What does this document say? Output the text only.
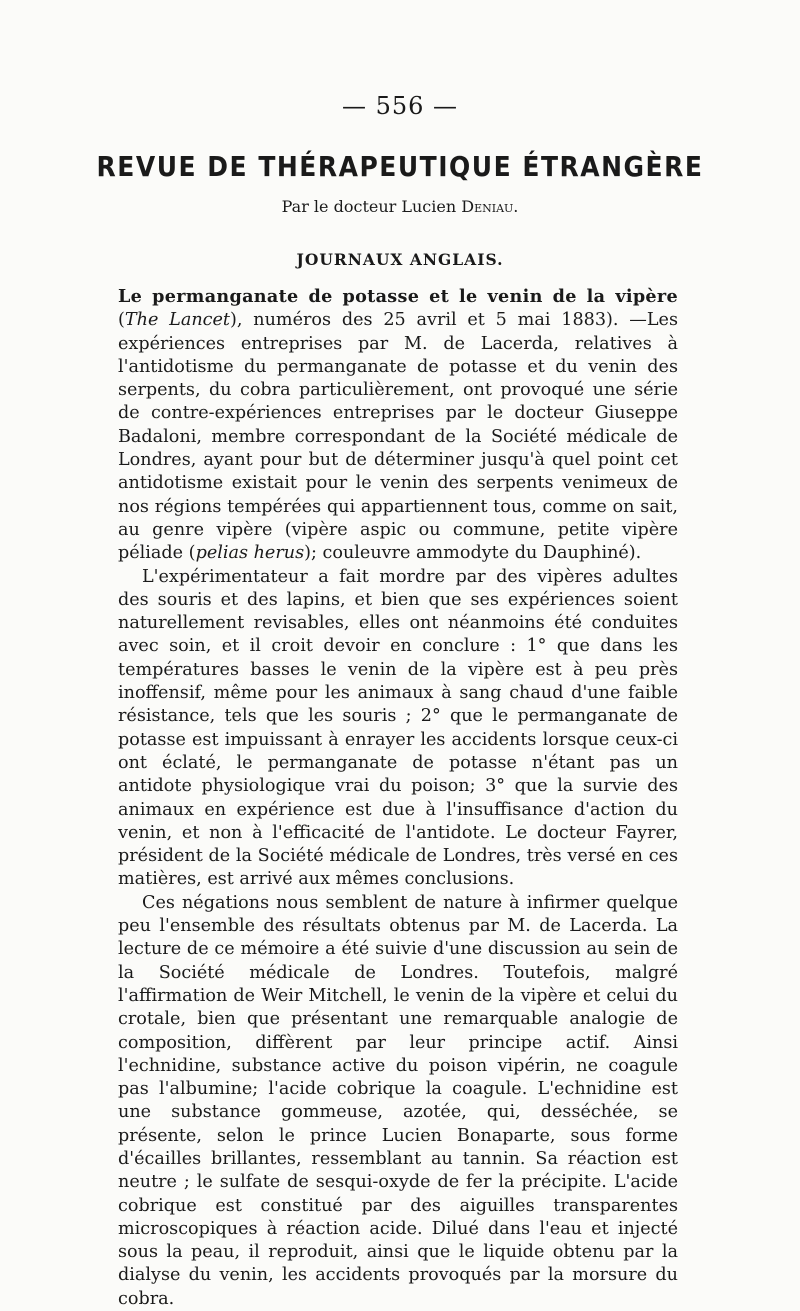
— 556 —
REVUE DE THÉRAPEUTIQUE ÉTRANGÈRE
Par le docteur Lucien Deniau.
JOURNAUX ANGLAIS.

Le permanganate de potasse et le venin de la vipère (The Lancet), numéros des 25 avril et 5 mai 1883). —Les expériences entreprises par M. de Lacerda, relatives à l'antidotisme du permanganate de potasse et du venin des serpents, du cobra particulièrement, ont provoqué une série de contre-expériences entreprises par le docteur Giuseppe Badaloni, membre correspondant de la Société médicale de Londres, ayant pour but de déterminer jusqu'à quel point cet antidotisme existait pour le venin des serpents venimeux de nos régions tempérées qui appartiennent tous, comme on sait, au genre vipère (vipère aspic ou commune, petite vipère péliade (pelias herus); couleuvre ammodyte du Dauphiné).

L'expérimentateur a fait mordre par des vipères adultes des souris et des lapins, et bien que ses expériences soient naturellement revisables, elles ont néanmoins été conduites avec soin, et il croit devoir en conclure : 1° que dans les températures basses le venin de la vipère est à peu près inoffensif, même pour les animaux à sang chaud d'une faible résistance, tels que les souris ; 2° que le permanganate de potasse est impuissant à enrayer les accidents lorsque ceux-ci ont éclaté, le permanganate de potasse n'étant pas un antidote physiologique vrai du poison; 3° que la survie des animaux en expérience est due à l'insuffisance d'action du venin, et non à l'efficacité de l'antidote. Le docteur Fayrer, président de la Société médicale de Londres, très versé en ces matières, est arrivé aux mêmes conclusions.

Ces négations nous semblent de nature à infirmer quelque peu l'ensemble des résultats obtenus par M. de Lacerda. La lecture de ce mémoire a été suivie d'une discussion au sein de la Société médicale de Londres. Toutefois, malgré l'affirmation de Weir Mitchell, le venin de la vipère et celui du crotale, bien que présentant une remarquable analogie de composition, diffèrent par leur principe actif. Ainsi l'echnidine, substance active du poison vipérin, ne coagule pas l'albumine; l'acide cobrique la coagule. L'echnidine est une substance gommeuse, azotée, qui, desséchée, se présente, selon le prince Lucien Bonaparte, sous forme d'écailles brillantes, ressemblant au tannin. Sa réaction est neutre ; le sulfate de sesqui-oxyde de fer la précipite. L'acide cobrique est constitué par des aiguilles transparentes microscopiques à réaction acide. Dilué dans l'eau et injecté sous la peau, il reproduit, ainsi que le liquide obtenu par la dialyse du venin, les accidents provoqués par la morsure du cobra.
